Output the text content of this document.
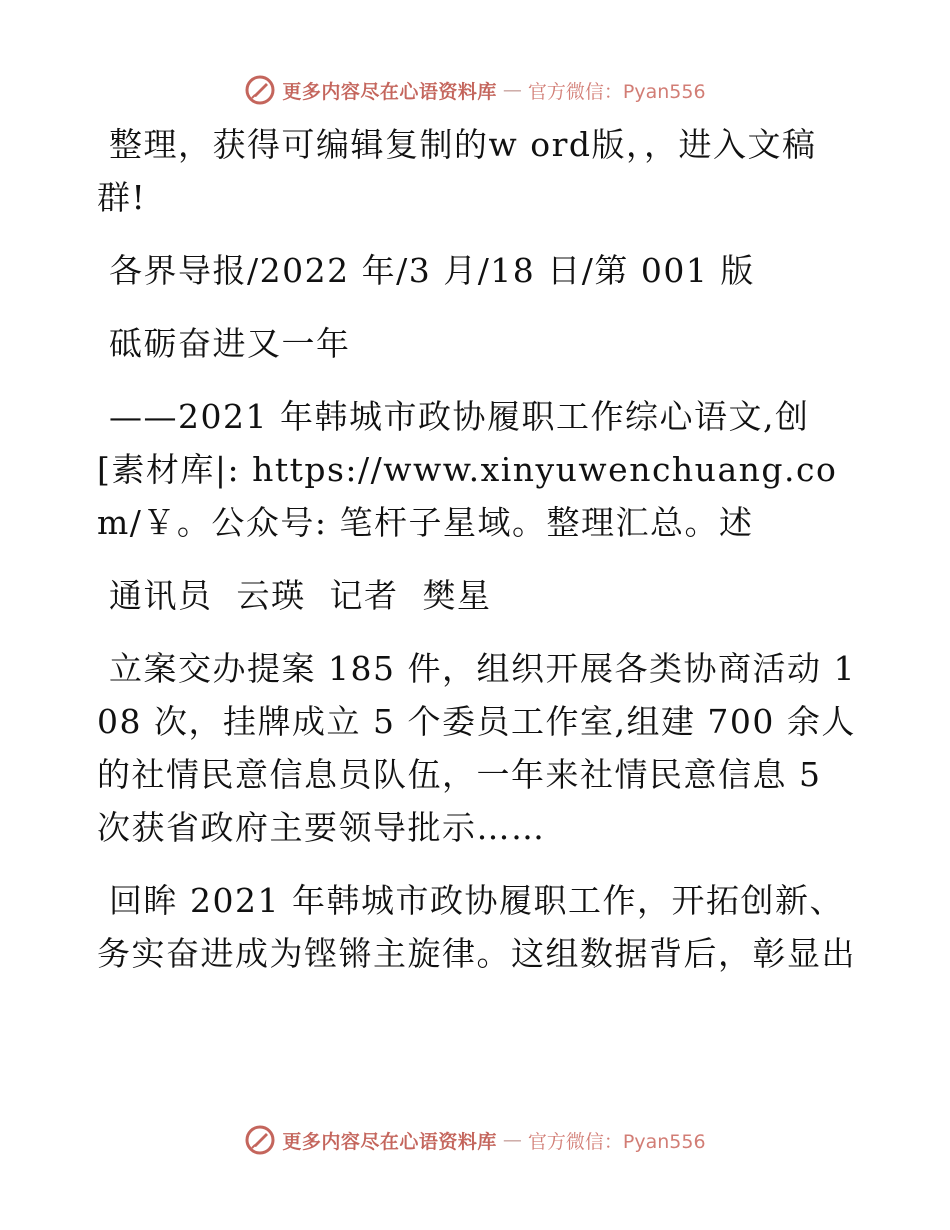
更多内容尽在心语资料库 — 官方微信：Pyan556

整理，获得可编辑复制的w ord版，，进入文稿群!

各界导报/2022 年/3 月/18 日/第 001 版

砥砺奋进又一年

——2021 年韩城市政协履职工作综心语文,创[素材库|: https://www.xinyuwenchuang.com/￥。公众号: 笔杆子星域。整理汇总。述

通讯员  云瑛  记者  樊星

立案交办提案 185 件，组织开展各类协商活动 108 次，挂牌成立 5 个委员工作室,组建 700 余人的社情民意信息员队伍，一年来社情民意信息 5 次获省政府主要领导批示……

回眸 2021 年韩城市政协履职工作，开拓创新、务实奋进成为铿锵主旋律。这组数据背后，彰显出

更多内容尽在心语资料库 — 官方微信：Pyan556
